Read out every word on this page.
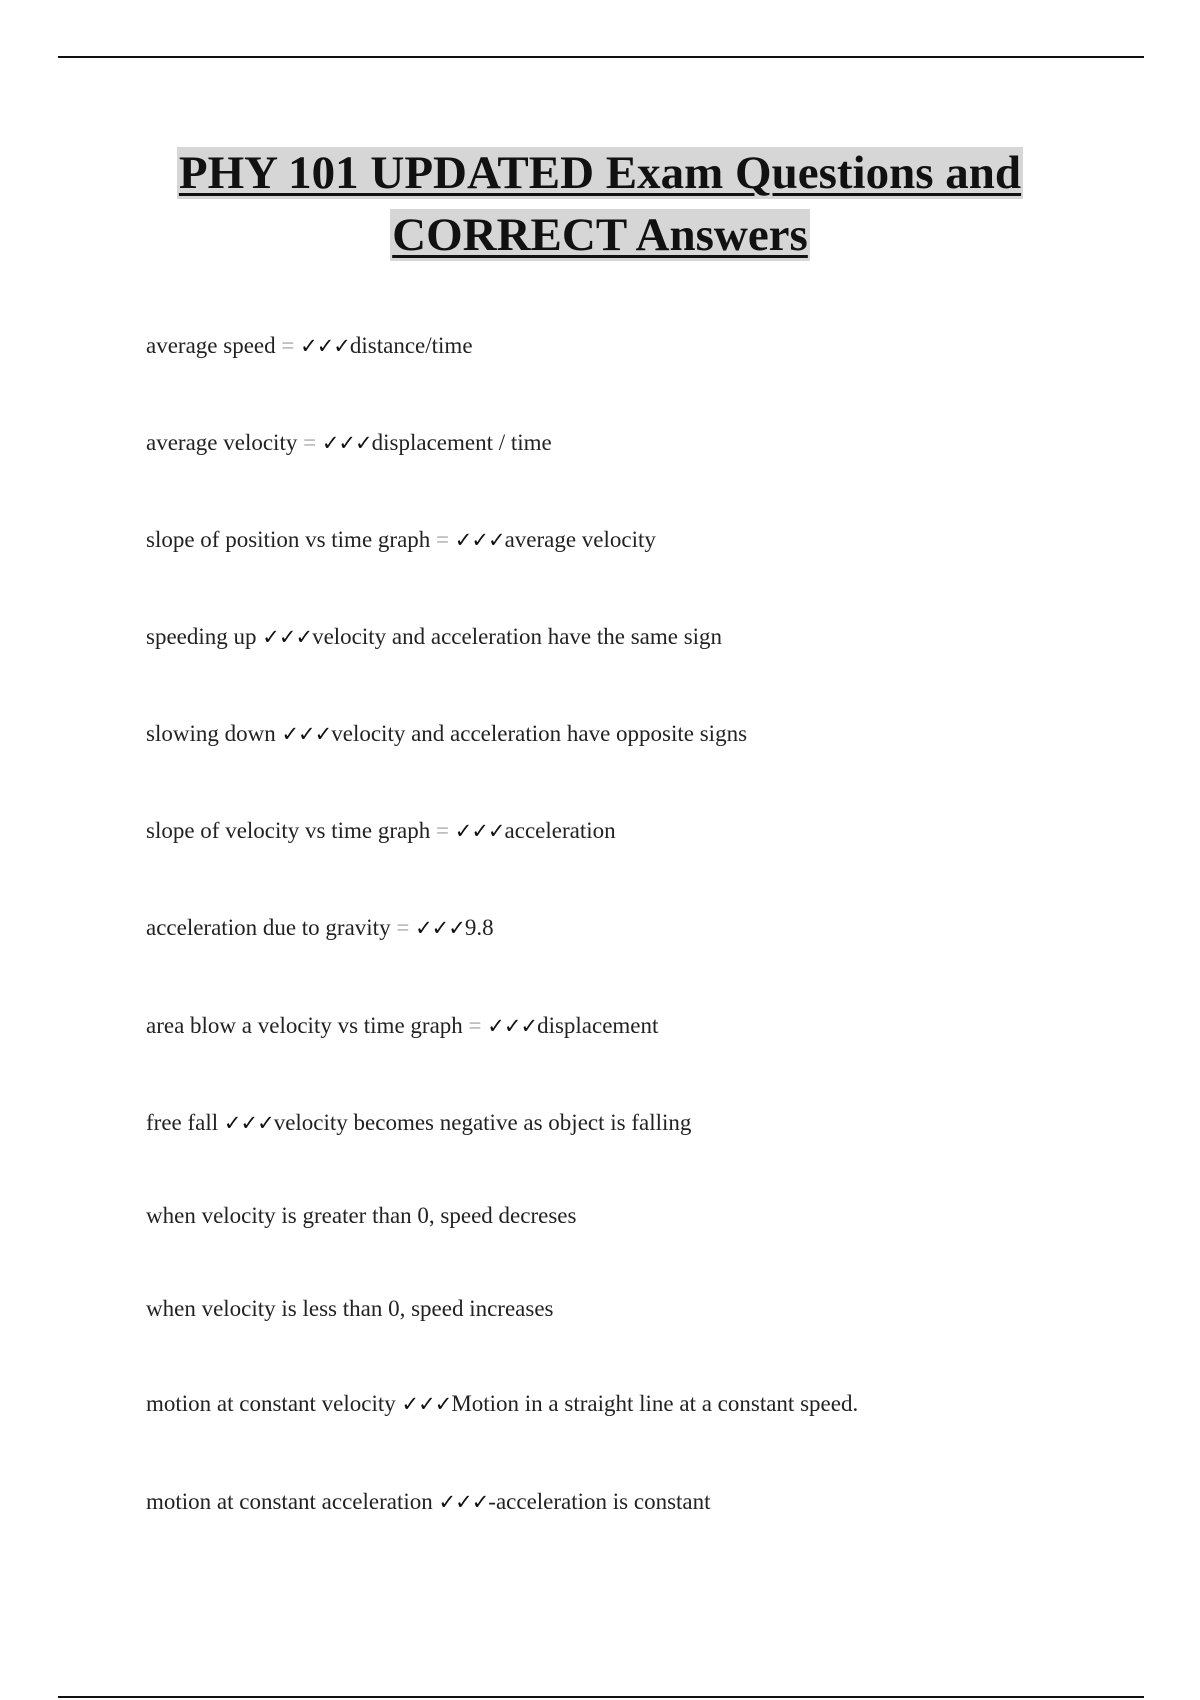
PHY 101 UPDATED Exam Questions and
CORRECT Answers
average speed = ✓✓✓distance/time
average velocity = ✓✓✓displacement / time
slope of position vs time graph = ✓✓✓average velocity
speeding up ✓✓✓velocity and acceleration have the same sign
slowing down ✓✓✓velocity and acceleration have opposite signs
slope of velocity vs time graph = ✓✓✓acceleration
acceleration due to gravity = ✓✓✓9.8
area blow a velocity vs time graph = ✓✓✓displacement
free fall ✓✓✓velocity becomes negative as object is falling
when velocity is greater than 0, speed decreses
when velocity is less than 0, speed increases
motion at constant velocity ✓✓✓Motion in a straight line at a constant speed.
motion at constant acceleration ✓✓✓-acceleration is constant
